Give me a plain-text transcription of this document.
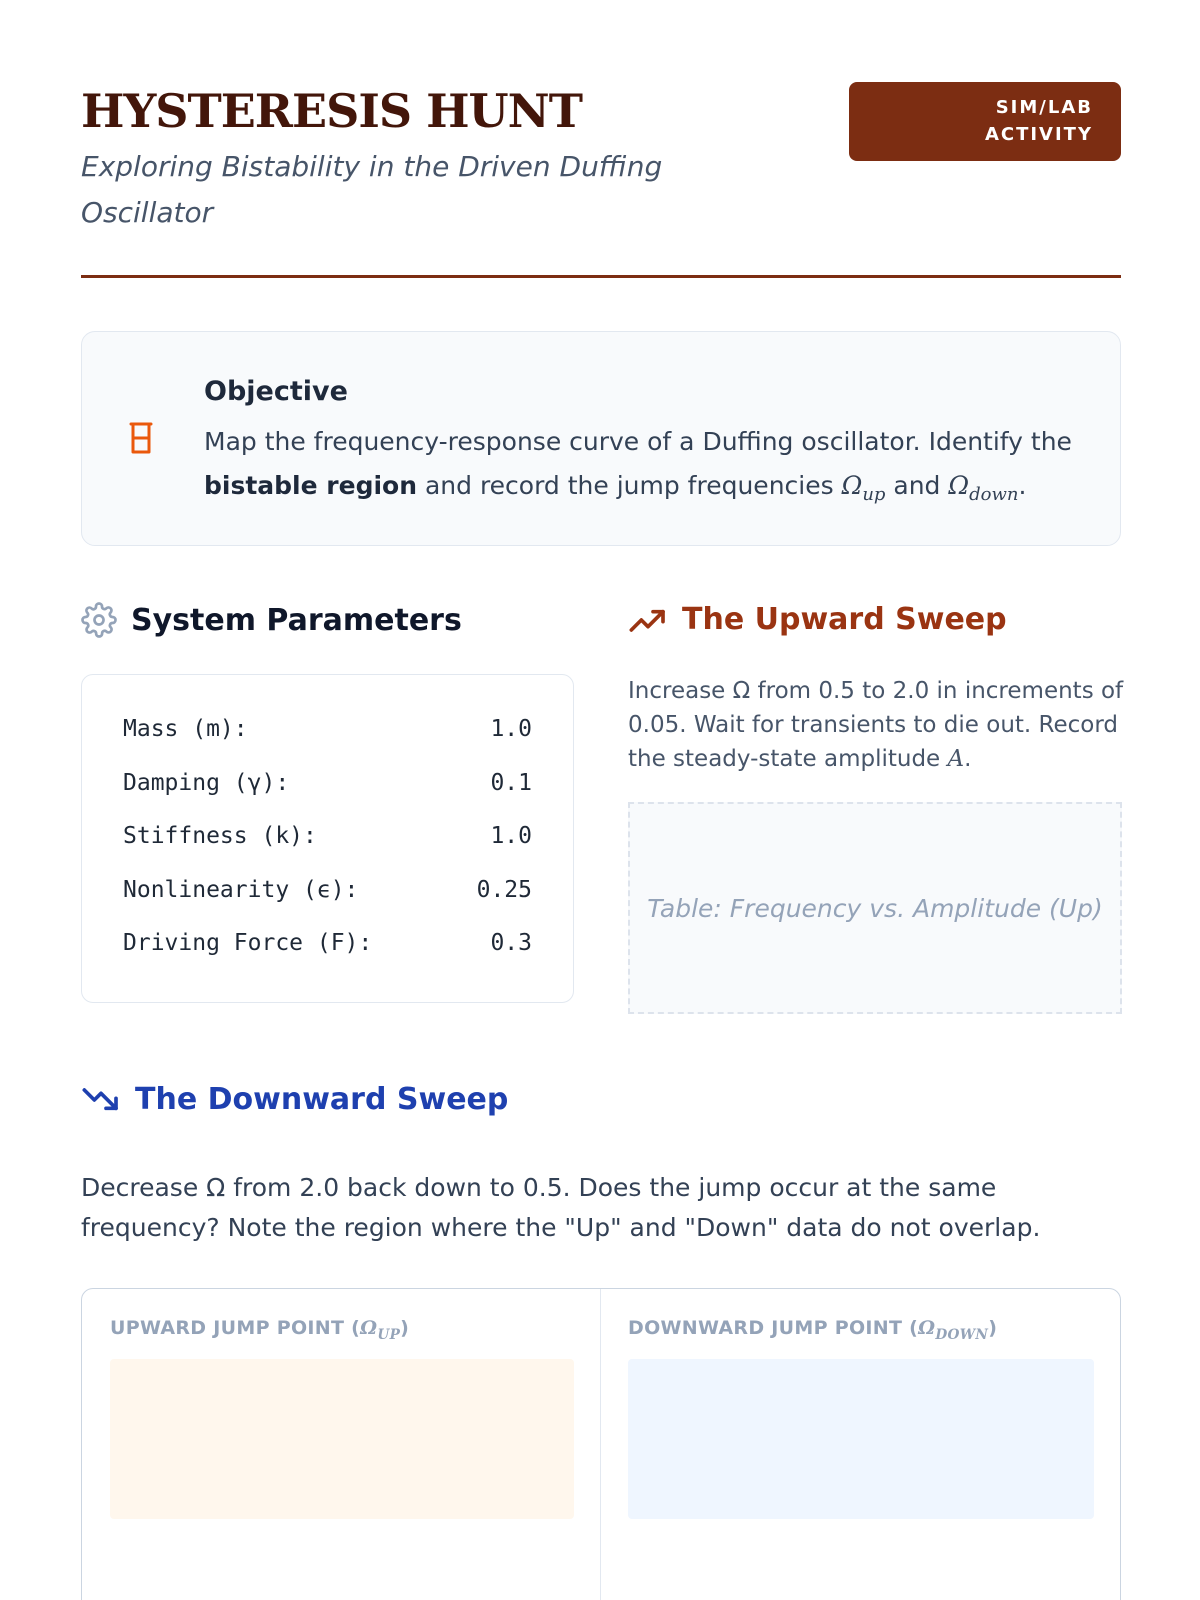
HYSTERESIS HUNT
Exploring Bistability in the Driven Duffing Oscillator
SIM/LAB
ACTIVITY
Objective
Map the frequency-response curve of a Duffing oscillator. Identify the bistable region and record the jump frequencies $\Omega_{up}$ and $\Omega_{down}$.
System Parameters
Mass (m):	1.0
Damping (γ):	0.1
Stiffness (k):	1.0
Nonlinearity (ϵ):	0.25
Driving Force (F):	0.3
The Upward Sweep
Increase Ω from 0.5 to 2.0 in increments of 0.05. Wait for transients to die out. Record the steady-state amplitude A.
Table: Frequency vs. Amplitude (Up)
The Downward Sweep
Decrease Ω from 2.0 back down to 0.5. Does the jump occur at the same frequency? Note the region where the "Up" and "Down" data do not overlap.
UPWARD JUMP POINT $(\Omega_{UP})$	DOWNWARD JUMP POINT $(\Omega_{DOWN})$
